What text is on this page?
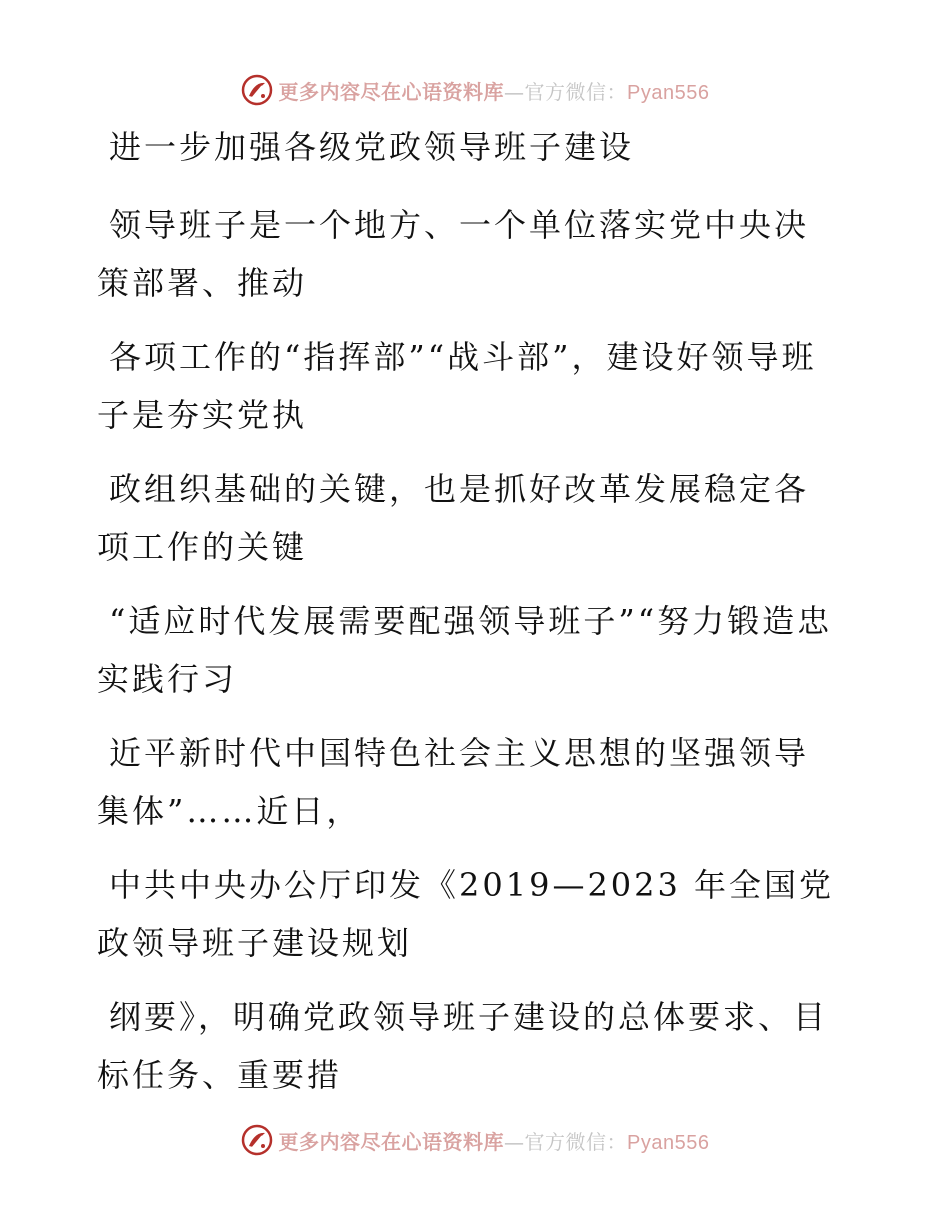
更多内容尽在心语资料库—官方微信：Pyan556

进一步加强各级党政领导班子建设

领导班子是一个地方、一个单位落实党中央决策部署、推动

各项工作的“指挥部”“战斗部”，建设好领导班子是夯实党执

政组织基础的关键，也是抓好改革发展稳定各项工作的关键

“适应时代发展需要配强领导班子”“努力锻造忠实践行习

近平新时代中国特色社会主义思想的坚强领导集体”……近日，

中共中央办公厅印发《2019—2023 年全国党政领导班子建设规划

纲要》，明确党政领导班子建设的总体要求、目标任务、重要措

更多内容尽在心语资料库—官方微信：Pyan556
